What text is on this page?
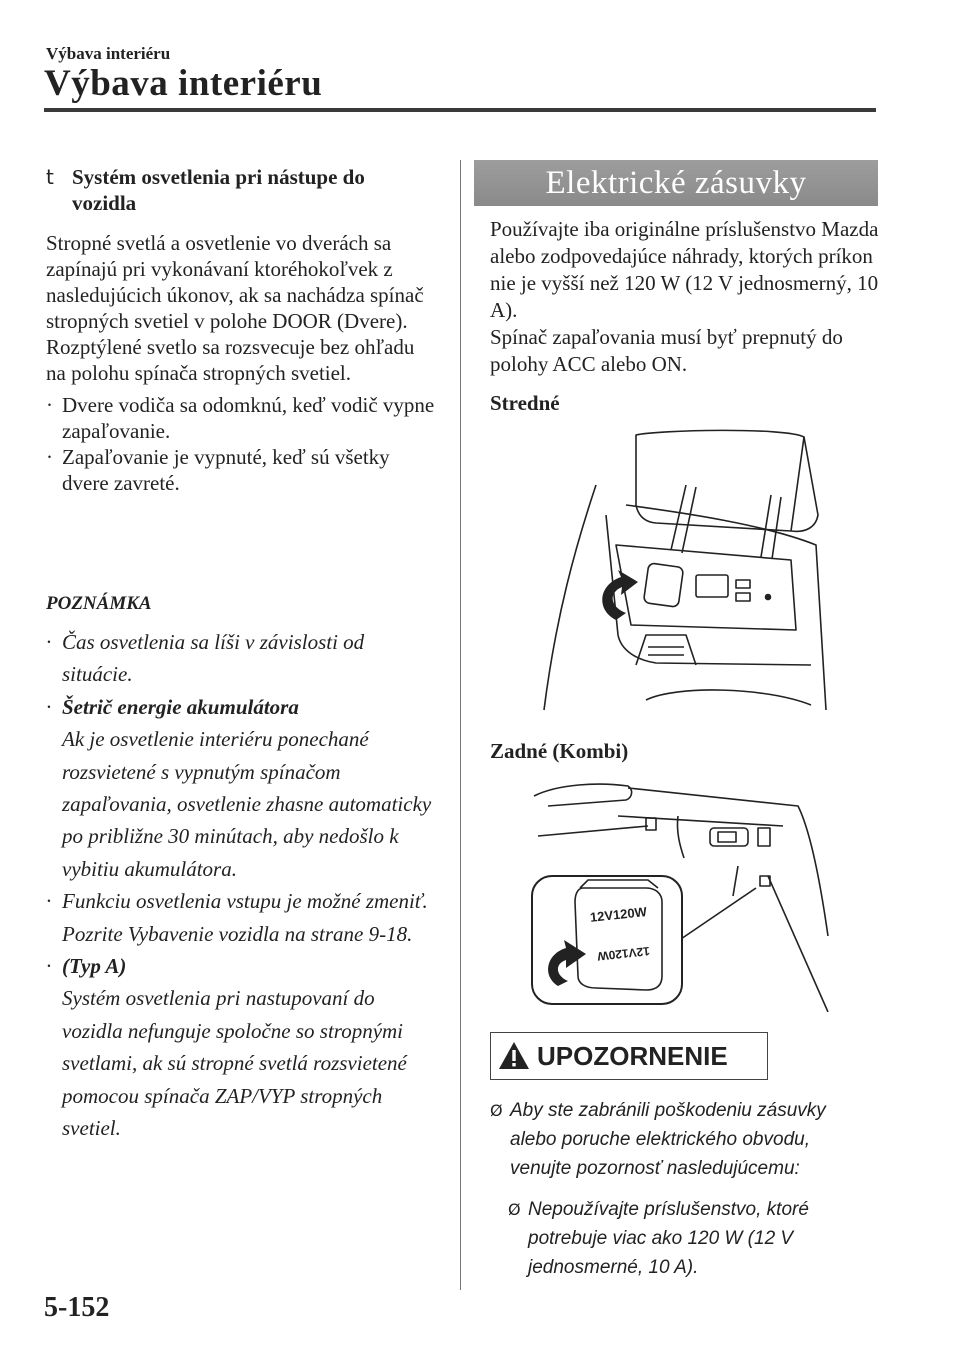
Výbava interiéru
Výbava interiéru
t Systém osvetlenia pri nástupe do vozidla

Stropné svetlá a osvetlenie vo dverách sa zapínajú pri vykonávaní ktoréhokoľvek z nasledujúcich úkonov, ak sa nachádza spínač stropných svetiel v polohe DOOR (Dvere).

Rozptýlené svetlo sa rozsvecuje bez ohľadu na polohu spínača stropných svetiel.

· Dvere vodiča sa odomknú, keď vodič vypne zapaľovanie.
· Zapaľovanie je vypnuté, keď sú všetky dvere zavreté.
POZNÁMKA
· Čas osvetlenia sa líši v závislosti od situácie.
· Šetrič energie akumulátora
Ak je osvetlenie interiéru ponechané rozsvietené s vypnutým spínačom zapaľovania, osvetlenie zhasne automaticky po približne 30 minútach, aby nedošlo k vybitiu akumulátora.
· Funkciu osvetlenia vstupu je možné zmeniť.
Pozrite Vybavenie vozidla na strane 9-18.
· (Typ A)
Systém osvetlenia pri nastupovaní do vozidla nefunguje spoločne so stropnými svetlami, ak sú stropné svetlá rozsvietené pomocou spínača ZAP/VYP stropných svetiel.
Elektrické zásuvky

Používajte iba originálne príslušenstvo Mazda alebo zodpovedajúce náhrady, ktorých príkon nie je vyšší než 120 W (12 V jednosmerný, 10 A).

Spínač zapaľovania musí byť prepnutý do polohy ACC alebo ON.

Stredné
Zadné (Kombi)
12V120W
12V120W
UPOZORNENIE
Ø Aby ste zabránili poškodeniu zásuvky alebo poruche elektrického obvodu, venujte pozornosť nasledujúcemu:
Ø Nepoužívajte príslušenstvo, ktoré potrebuje viac ako 120 W (12 V jednosmerné, 10 A).
5-152
